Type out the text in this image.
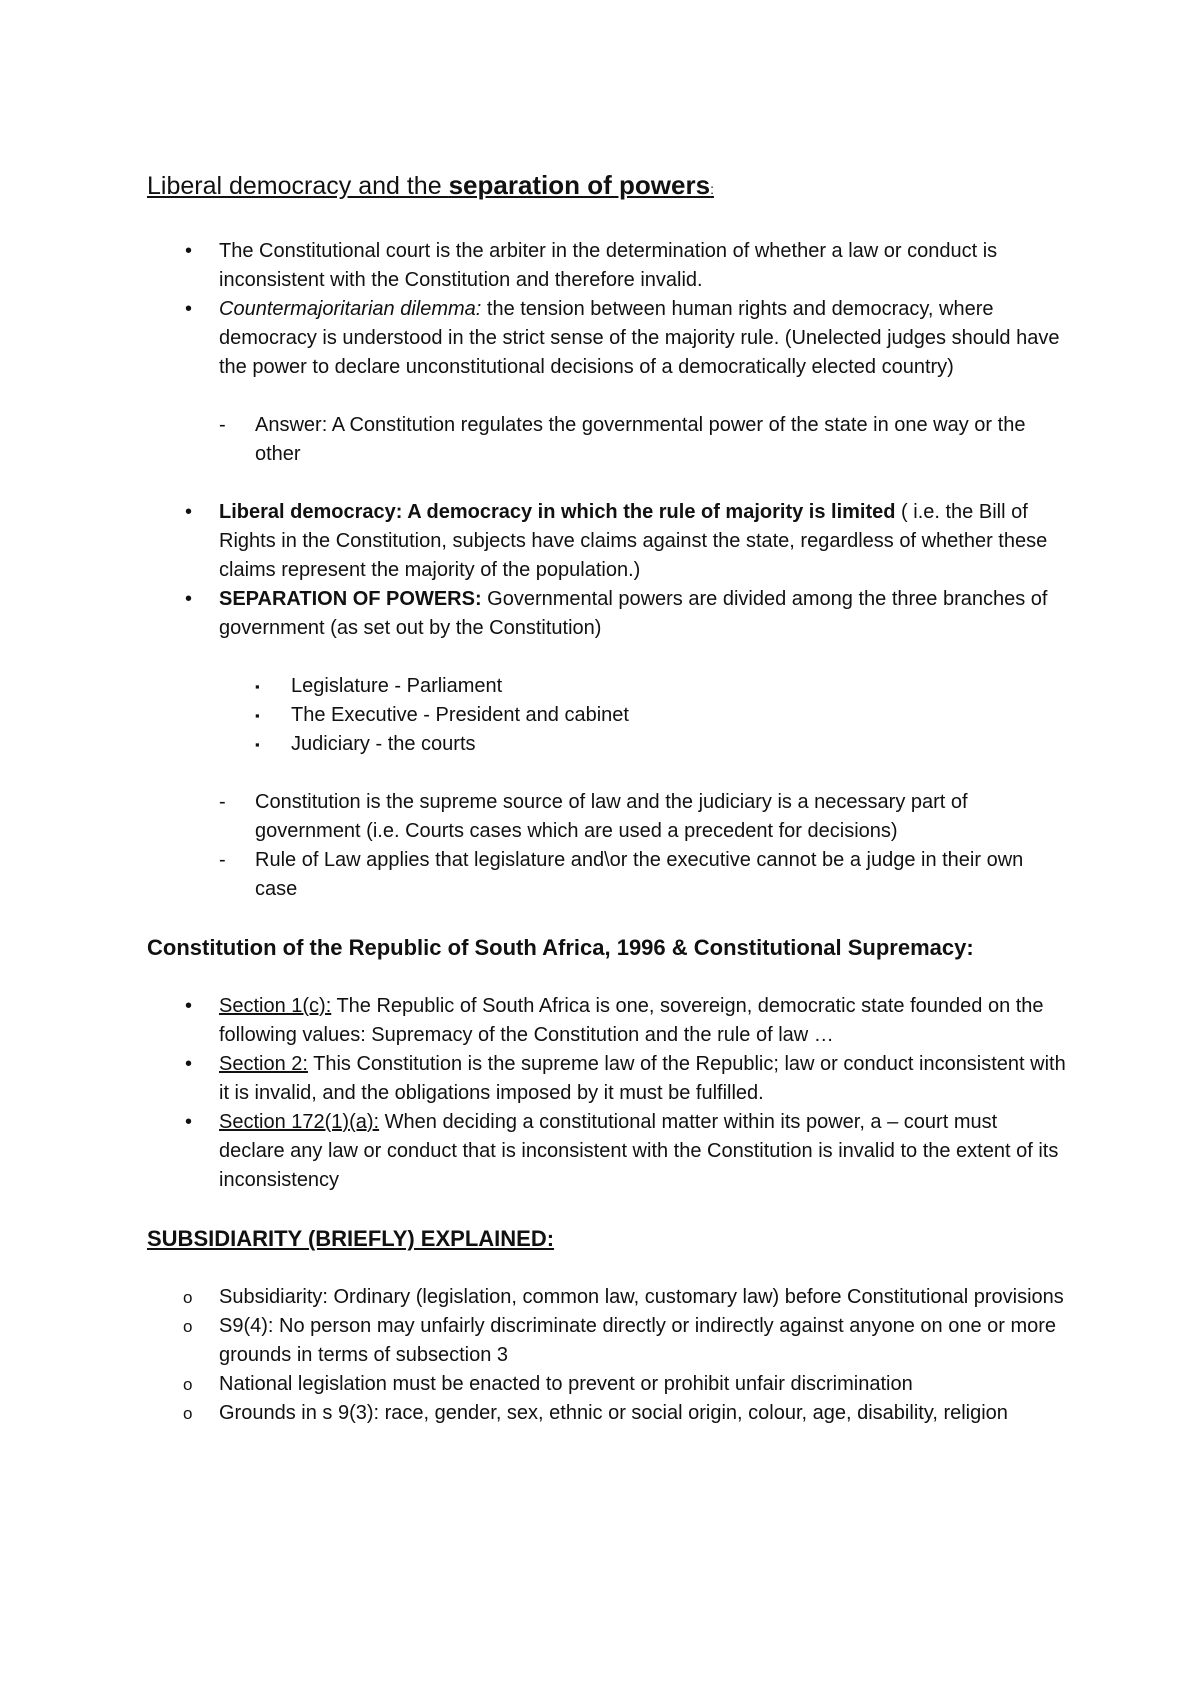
Liberal democracy and the separation of powers:
• The Constitutional court is the arbiter in the determination of whether a law or conduct is inconsistent with the Constitution and therefore invalid.
• Countermajoritarian dilemma: the tension between human rights and democracy, where democracy is understood in the strict sense of the majority rule. (Unelected judges should have the power to declare unconstitutional decisions of a democratically elected country)
- Answer: A Constitution regulates the governmental power of the state in one way or the other
• Liberal democracy: A democracy in which the rule of majority is limited ( i.e. the Bill of Rights in the Constitution, subjects have claims against the state, regardless of whether these claims represent the majority of the population.)
• SEPARATION OF POWERS: Governmental powers are divided among the three branches of government (as set out by the Constitution)
▪ Legislature - Parliament
▪ The Executive - President and cabinet
▪ Judiciary - the courts
- Constitution is the supreme source of law and the judiciary is a necessary part of government (i.e. Courts cases which are used a precedent for decisions)
- Rule of Law applies that legislature and\or the executive cannot be a judge in their own case
Constitution of the Republic of South Africa, 1996 & Constitutional Supremacy:
• Section 1(c): The Republic of South Africa is one, sovereign, democratic state founded on the following values: Supremacy of the Constitution and the rule of law …
• Section 2: This Constitution is the supreme law of the Republic; law or conduct inconsistent with it is invalid, and the obligations imposed by it must be fulfilled.
• Section 172(1)(a): When deciding a constitutional matter within its power, a – court must declare any law or conduct that is inconsistent with the Constitution is invalid to the extent of its inconsistency
SUBSIDIARITY (BRIEFLY) EXPLAINED:
o Subsidiarity: Ordinary (legislation, common law, customary law) before Constitutional provisions
o S9(4): No person may unfairly discriminate directly or indirectly against anyone on one or more grounds in terms of subsection 3
o National legislation must be enacted to prevent or prohibit unfair discrimination
o Grounds in s 9(3): race, gender, sex, ethnic or social origin, colour, age, disability, religion
